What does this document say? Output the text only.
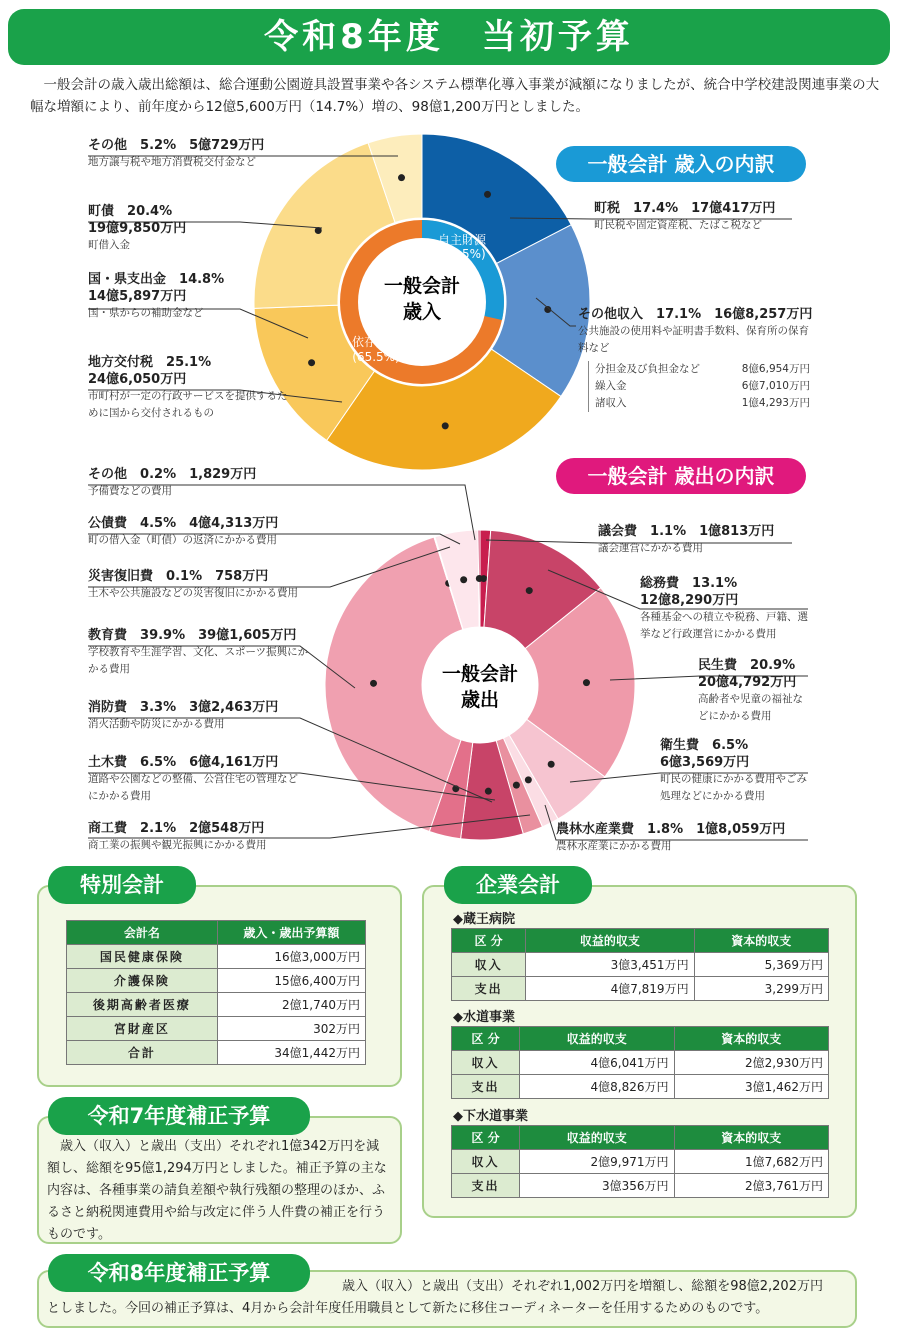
令和8年度　当初予算
一般会計の歳入歳出総額は、総合運動公園遊具設置事業や各システム標準化導入事業が減額になりましたが、統合中学校建設関連事業の大幅な増額により、前年度から12億5,600万円（14.7%）増の、98億1,200万円としました。
一般会計
歳入
自主財源
(34.5%)
依存財源
(65.5%)
一般会計
歳出
一般会計 歳入の内訳
一般会計 歳出の内訳
その他　 5.2%　5億729万円
地方譲与税や地方消費税交付金など
町債　 20.4%
19億9,850万円
町借入金
国・県支出金　 14.8%
14億5,897万円
国・県からの補助金など
地方交付税　 25.1%
24億6,050万円
市町村が一定の行政サービスを提供するために国から交付されるもの
町税　 17.4%　17億417万円
町民税や固定資産税、たばこ税など
その他収入　 17.1%　16億8,257万円
公共施設の使用料や証明書手数料、保育所の保育料など
分担金及び負担金など	8億6,954万円
繰入金	6億7,010万円
諸収入	1億4,293万円
その他　 0.2%　1,829万円
予備費などの費用
公債費　 4.5%　4億4,313万円
町の借入金（町債）の返済にかかる費用
災害復旧費　 0.1%　758万円
土木や公共施設などの災害復旧にかかる費用
教育費　 39.9%　39億1,605万円
学校教育や生涯学習、文化、スポーツ振興にかかる費用
消防費　 3.3%　3億2,463万円
消火活動や防災にかかる費用
土木費　 6.5%　6億4,161万円
道路や公園などの整備、公営住宅の管理などにかかる費用
商工費　 2.1%　2億548万円
商工業の振興や観光振興にかかる費用
議会費　 1.1%　1億813万円
議会運営にかかる費用
総務費　 13.1%
12億8,290万円
各種基金への積立や税務、戸籍、選挙など行政運営にかかる費用
民生費　 20.9%
20億4,792万円
高齢者や児童の福祉などにかかる費用
衛生費　 6.5%
6億3,569万円
町民の健康にかかる費用やごみ処理などにかかる費用
農林水産業費　 1.8%　1億8,059万円
農林水産業にかかる費用
特別会計
会計名	歳入・歳出予算額
国民健康保険	16億3,000万円
介護保険	15億6,400万円
後期高齢者医療	2億1,740万円
宮財産区	302万円
合計	34億1,442万円
企業会計
◆蔵王病院
区 分	収益的収支	資本的収支
収入	3億3,451万円	5,369万円
支出	4億7,819万円	3,299万円
◆水道事業
区 分	収益的収支	資本的収支
収入	4億6,041万円	2億2,930万円
支出	4億8,826万円	3億1,462万円
◆下水道事業
区 分	収益的収支	資本的収支
収入	2億9,971万円	1億7,682万円
支出	3億356万円	2億3,761万円
令和7年度補正予算
歳入（収入）と歳出（支出）それぞれ1億342万円を減額し、総額を95億1,294万円としました。補正予算の主な内容は、各種事業の請負差額や執行残額の整理のほか、ふるさと納税関連費用や給与改定に伴う人件費の補正を行うものです。
令和8年度補正予算
歳入（収入）と歳出（支出）それぞれ1,002万円を増額し、総額を98億2,202万円
としました。今回の補正予算は、4月から会計年度任用職員として新たに移住コーディネーターを任用するためのものです。
